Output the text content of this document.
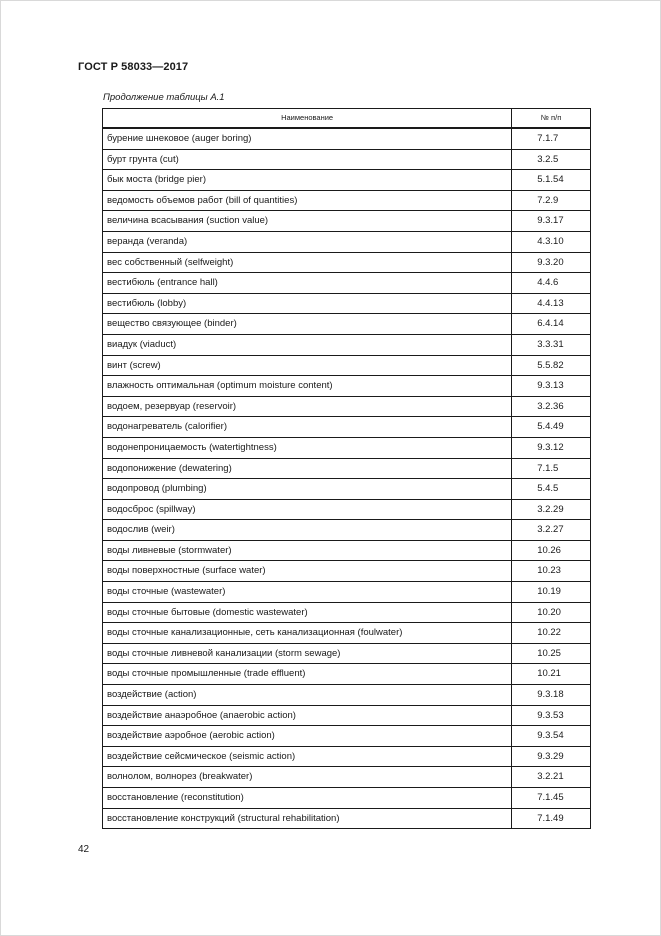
ГОСТ Р 58033—2017
Продолжение таблицы А.1
Наименование	№ п/п
бурение шнековое (auger boring)	7.1.7
бурт грунта (cut)	3.2.5
бык моста (bridge pier)	5.1.54
ведомость объемов работ (bill of quantities)	7.2.9
величина всасывания (suction value)	9.3.17
веранда (veranda)	4.3.10
вес собственный (selfweight)	9.3.20
вестибюль (entrance hall)	4.4.6
вестибюль (lobby)	4.4.13
вещество связующее (binder)	6.4.14
виадук (viaduct)	3.3.31
винт (screw)	5.5.82
влажность оптимальная (optimum moisture content)	9.3.13
водоем, резервуар (reservoir)	3.2.36
водонагреватель (calorifier)	5.4.49
водонепроницаемость (watertightness)	9.3.12
водопонижение (dewatering)	7.1.5
водопровод (plumbing)	5.4.5
водосброс (spillway)	3.2.29
водослив (weir)	3.2.27
воды ливневые (stormwater)	10.26
воды поверхностные (surface water)	10.23
воды сточные (wastewater)	10.19
воды сточные бытовые (domestic wastewater)	10.20
воды сточные канализационные, сеть канализационная (foulwater)	10.22
воды сточные ливневой канализации (storm sewage)	10.25
воды сточные промышленные (trade effluent)	10.21
воздействие (action)	9.3.18
воздействие анаэробное (anaerobic action)	9.3.53
воздействие аэробное (aerobic action)	9.3.54
воздействие сейсмическое (seismic action)	9.3.29
волнолом, волнорез (breakwater)	3.2.21
восстановление (reconstitution)	7.1.45
восстановление конструкций (structural rehabilitation)	7.1.49
42
